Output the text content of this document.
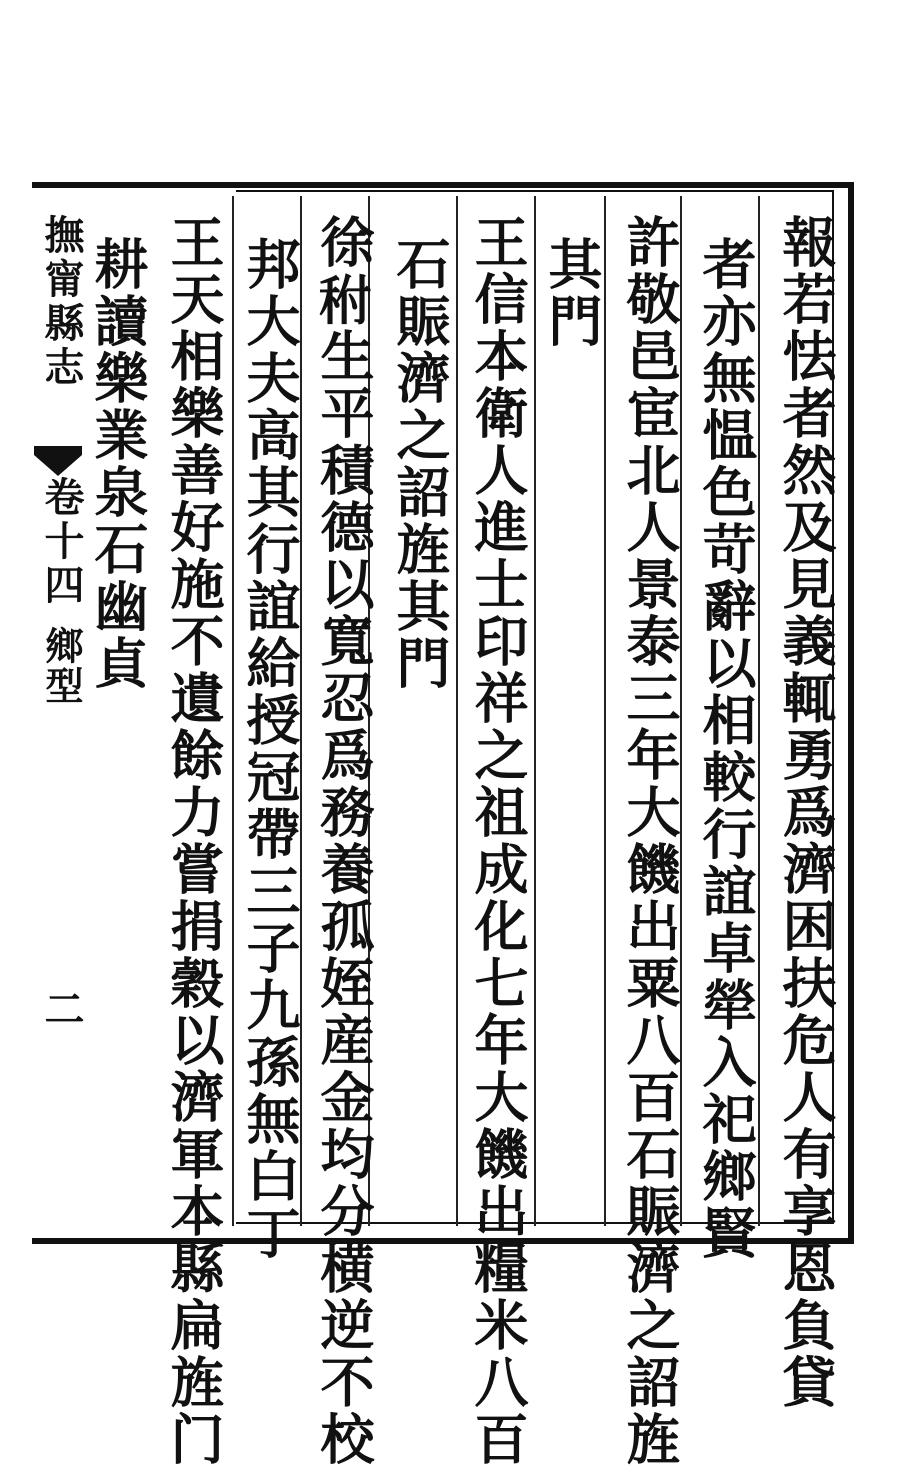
撫甯縣志
卷十四
鄉型
二	報若怯者然及見義輒勇爲濟困扶危人有享恩負貸
者亦無愠色苛辭以相較行誼卓犖入祀鄉賢
許敬邑宦北人景泰三年大饑出粟八百石賑濟之詔旌
其門
王信本衛人進士印祥之祖成化七年大饑出糧米八百
石賑濟之詔旌其門
徐𥞂生平積德以寬忍爲務養孤姪産金均分横逆不校
邦大夫高其行誼給授冠帶三子九孫無白丁
王天相樂善好施不遺餘力嘗捐穀以濟軍本縣扁旌门
耕讀樂業泉石幽貞
